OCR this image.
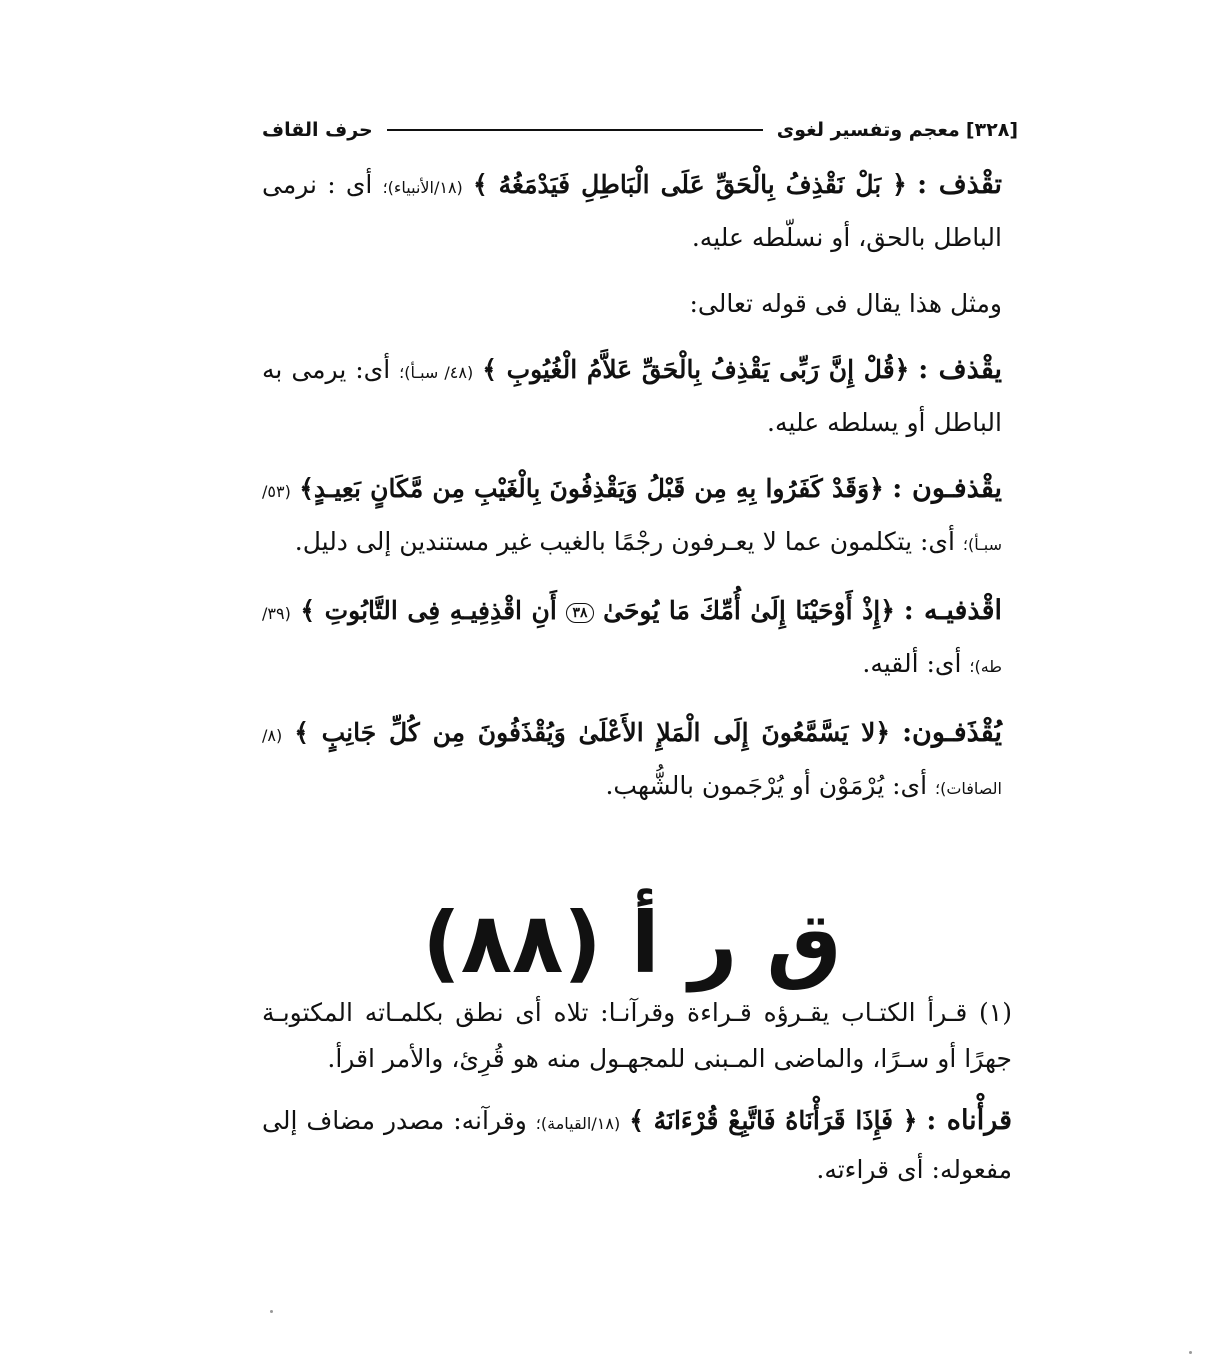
[٣٢٨]
معجم وتفسير لغوى
حرف القاف

تقْذف : ﴿ بَلْ نَقْذِفُ بِالْحَقِّ عَلَى الْبَاطِلِ فَيَدْمَغُهُ ﴾ (١٨/الأنبياء)؛ أى : نرمى الباطل بالحق، أو نسلّطه عليه.

ومثل هذا يقال فى قوله تعالى:

يقْذف : ﴿قُلْ إِنَّ رَبِّى يَقْذِفُ بِالْحَقِّ عَلاَّمُ الْغُيُوبِ ﴾ (٤٨/ سبـأ)؛ أى: يرمى به الباطل أو يسلطه عليه.

يقْذفـون : ﴿وَقَدْ كَفَرُوا بِهِ مِن قَبْلُ وَيَقْذِفُونَ بِالْغَيْبِ مِن مَّكَانٍ بَعِيـدٍ﴾ (٥٣/سبـأ)؛ أى: يتكلمون عما لا يعـرفون رجْمًا بالغيب غير مستندين إلى دليل.

اقْذفيـه : ﴿إِذْ أَوْحَيْنَا إِلَىٰ أُمِّكَ مَا يُوحَىٰ ٣٨ أَنِ اقْذِفِيـهِ فِى التَّابُوتِ ﴾ (٣٩/ طه)؛ أى: ألقيه.

يُقْذَفـون: ﴿لا يَسَّمَّعُونَ إِلَى الْمَلإِ الأَعْلَىٰ وَيُقْذَفُونَ مِن كُلِّ جَانِبٍ ﴾ (٨/ الصافات)؛ أى: يُرْمَوْن أو يُرْجَمون بالشُّهب.

ق ر أ (٨٨)

(١) قـرأ الكتـاب يقـرؤه قـراءة وقرآنـا: تلاه أى نطق بكلمـاته المكتوبـة جهرًا أو سـرًا، والماضى المـبنى للمجهـول منه هو قُرِئ، والأمر اقرأ.

قرأْناه : ﴿ فَإِذَا قَرَأْنَاهُ فَاتَّبِعْ قُرْءَانَهُ ﴾ (١٨/القيامة)؛ وقرآنه: مصدر مضاف إلى مفعوله: أى قراءته.
